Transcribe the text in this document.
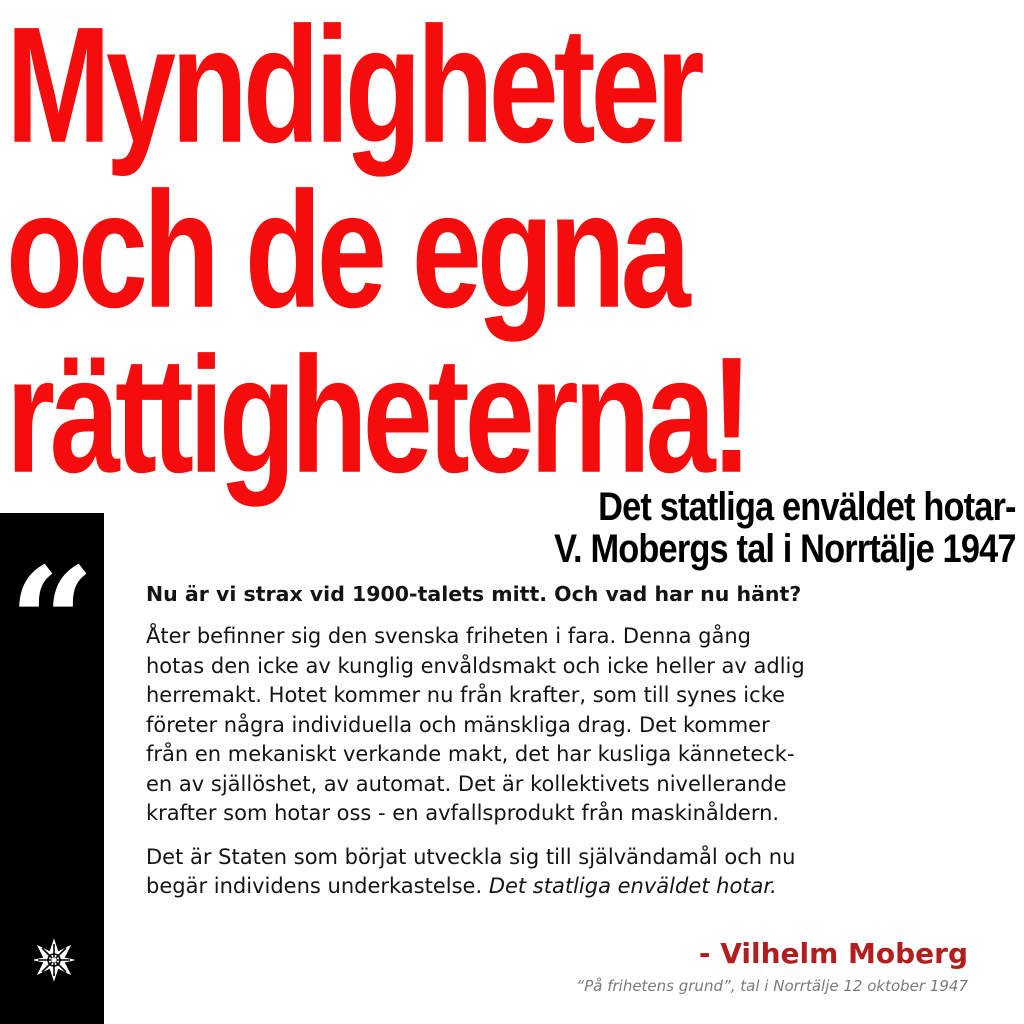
Myndigheter
och de egna
rättigheterna!
Det statliga enväldet hotar-
V. Mobergs tal i Norrtälje 1947
“ Nu är vi strax vid 1900-talets mitt. Och vad har nu hänt?

Åter befinner sig den svenska friheten i fara. Denna gång
hotas den icke av kunglig envåldsmakt och icke heller av adlig
herremakt. Hotet kommer nu från krafter, som till synes icke
företer några individuella och mänskliga drag. Det kommer
från en mekaniskt verkande makt, det har kusliga känneteck-
en av själlöshet, av automat. Det är kollektivets nivellerande
krafter som hotar oss - en avfallsprodukt från maskinåldern.

Det är Staten som börjat utveckla sig till självändamål och nu
begär individens underkastelse. Det statliga enväldet hotar.

- Vilhelm Moberg
“På frihetens grund”, tal i Norrtälje 12 oktober 1947
